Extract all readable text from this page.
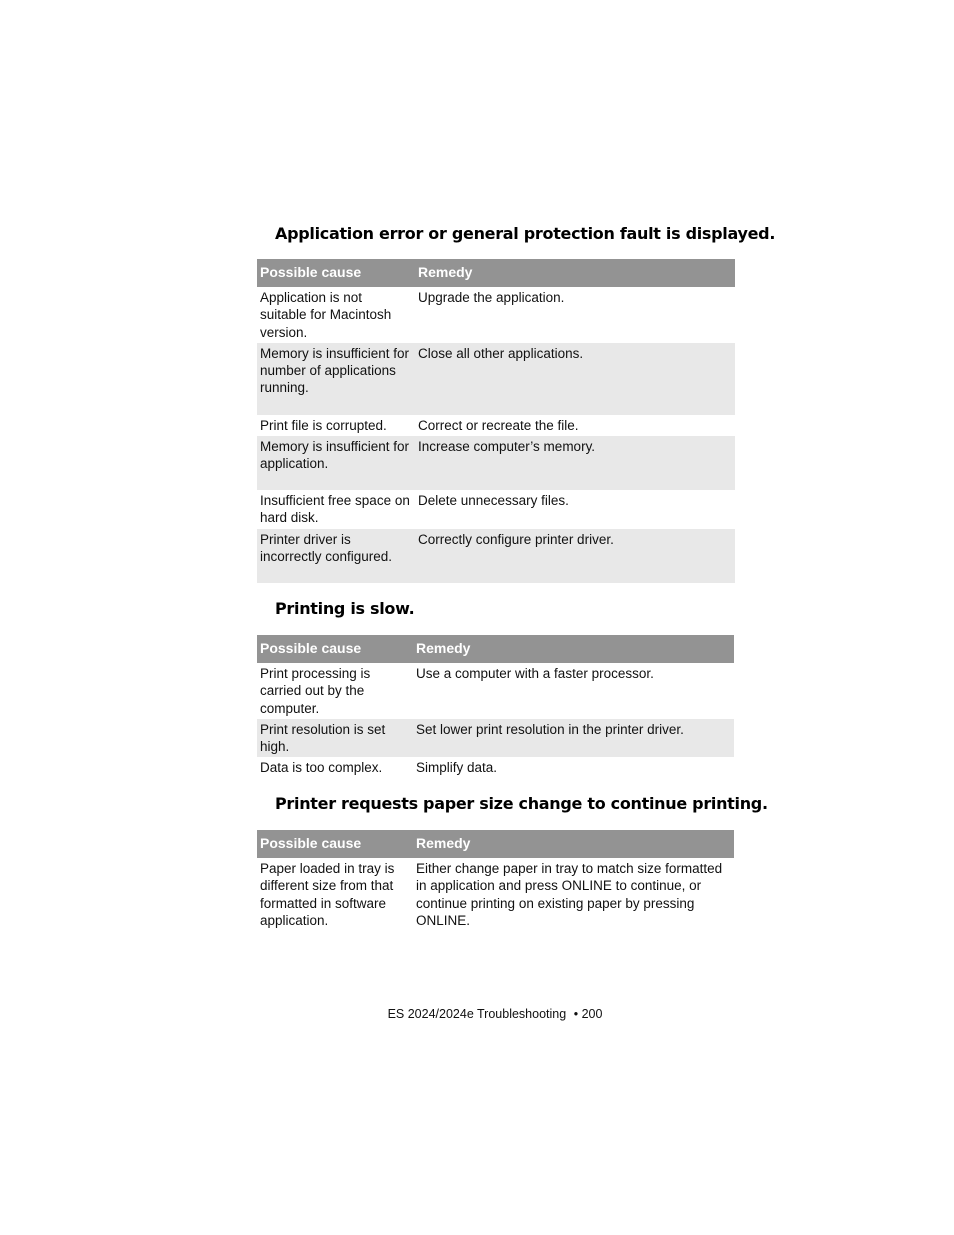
Application error or general protection fault is displayed.
Possible cause	Remedy
Application is not suitable for Macintosh version.	Upgrade the application.
Memory is insufficient for number of applications running.	Close all other applications.
Print file is corrupted.	Correct or recreate the file.
Memory is insufficient for application.	Increase computer’s memory.
Insufficient free space on hard disk.	Delete unnecessary files.
Printer driver is incorrectly configured.	Correctly configure printer driver.
Printing is slow.
Possible cause	Remedy
Print processing is carried out by the computer.	Use a computer with a faster processor.
Print resolution is set high.	Set lower print resolution in the printer driver.
Data is too complex.	Simplify data.
Printer requests paper size change to continue printing.
Possible cause	Remedy
Paper loaded in tray is different size from that formatted in software application.	Either change paper in tray to match size formatted in application and press ONLINE to continue, or continue printing on existing paper by pressing ONLINE.
ES 2024/2024e Troubleshooting • 200
